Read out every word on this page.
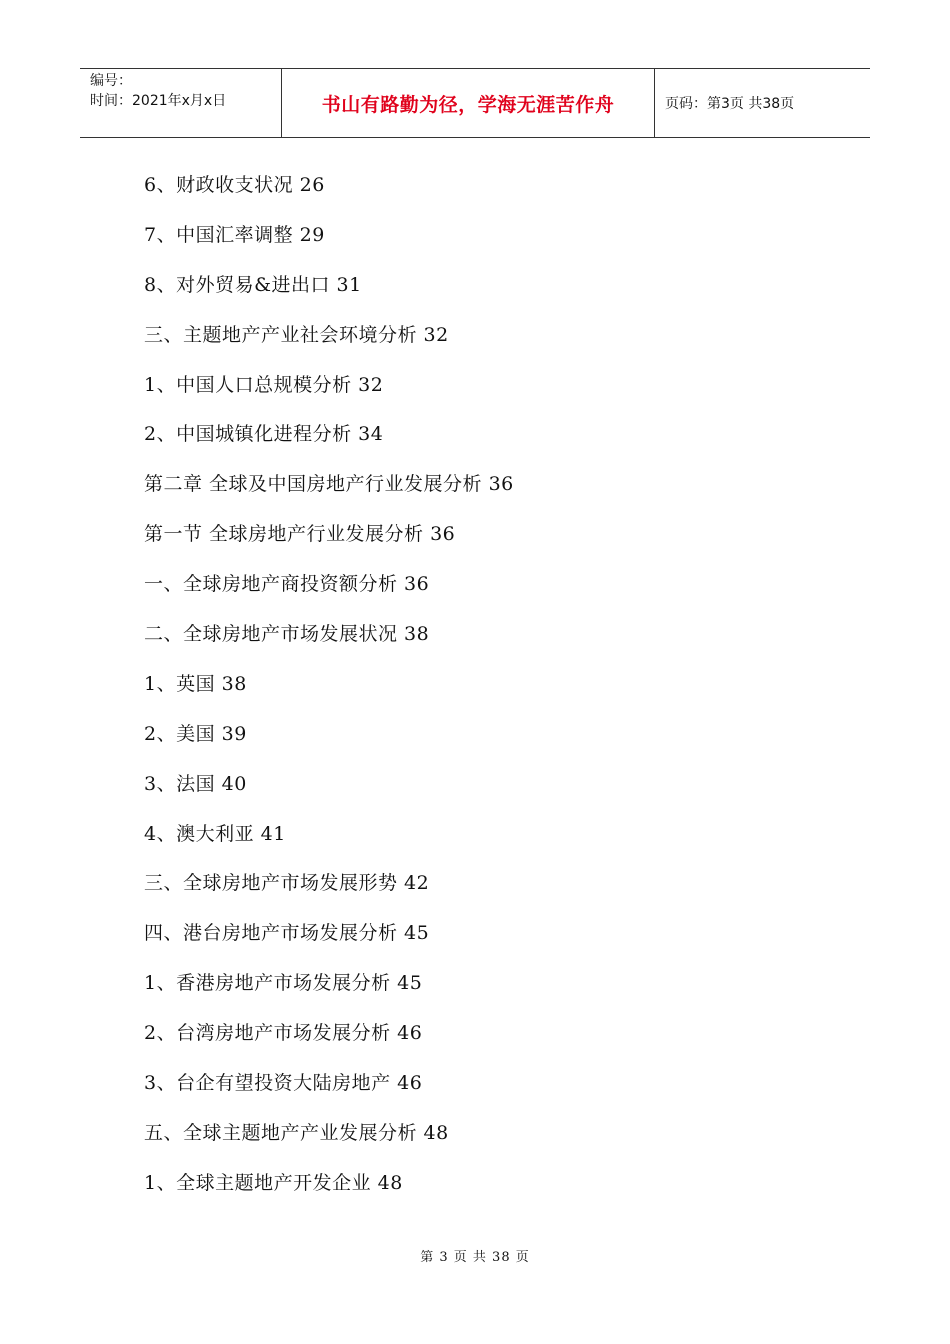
编号：
时间：2021年x月x日	书山有路勤为径，学海无涯苦作舟	页码：第3页 共38页
6、财政收支状况 26
7、中国汇率调整 29
8、对外贸易&进出口 31
三、主题地产产业社会环境分析 32
1、中国人口总规模分析 32
2、中国城镇化进程分析 34
第二章 全球及中国房地产行业发展分析 36
第一节 全球房地产行业发展分析 36
一、全球房地产商投资额分析 36
二、全球房地产市场发展状况 38
1、英国 38
2、美国 39
3、法国 40
4、澳大利亚 41
三、全球房地产市场发展形势 42
四、港台房地产市场发展分析 45
1、香港房地产市场发展分析 45
2、台湾房地产市场发展分析 46
3、台企有望投资大陆房地产 46
五、全球主题地产产业发展分析 48
1、全球主题地产开发企业 48
第 3 页 共 38 页
